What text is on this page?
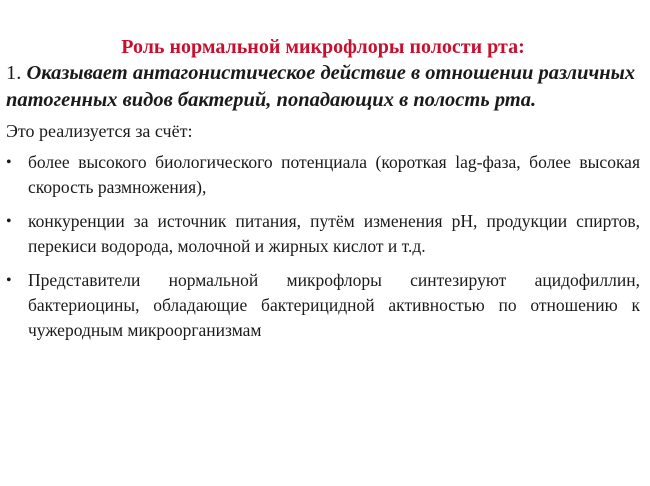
Роль нормальной микрофлоры полости рта:

1. Оказывает антагонистическое действие в отношении различных патогенных видов бактерий, попадающих в полость рта.

Это реализуется за счёт:

• более высокого биологического потенциала (короткая lag-фаза, более высокая скорость размножения),
• конкуренции за источник питания, путём изменения pH, продукции спиртов, перекиси водорода, молочной и жирных кислот и т.д.
• Представители нормальной микрофлоры синтезируют ацидофиллин, бактериоцины, обладающие бактерицидной активностью по отношению к чужеродным микроорганизмам
